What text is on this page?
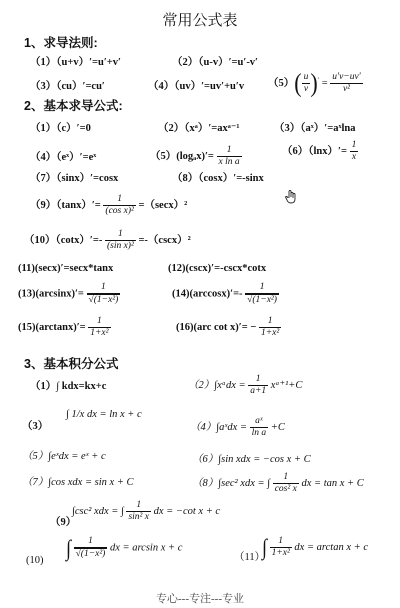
常用公式表
1、求导法则:
（1）（u+v）′=u′+v′	（2）（u-v）′=u′-v′
（3）（cu）′=cu′	（4）（uv）′=uv′+u′v $(5)( \frac{u}{v} )' = \frac{u'v-uv'}{\text{v²}}$
2、基本求导公式:
（1）（c）′=0	（2）（xᵃ）′=axᵃ⁻¹	（3）（aˣ）′=aˣlna
（4）（eˣ）′=eˣ	$(5)(\log_ax)'= \frac{1}{\text{x ln a}}$	$(6)(\ln x)'= \frac{1}{x}$
（7）（sinx）′=cosx	（8）（cosx）′=-sinx
$(9)(\tan x)'= \frac{1}{\text{(cos x)²}} =(\sec x)^2$
$(10)(\cot x)'=- \frac{1}{\text{(sin x)²}} =-(\csc x)^2$
(11)(secx)′=secx*tanx	(12)(cscx)′=-cscx*cotx
$(13)(\arcsin x)'= \frac{1}{\text{√(1−x²)}}$	$(14)(\arccos x)'=- \frac{1}{\text{√(1−x²)}}$
$(15)(\arctan x)'= \frac{1}{\text{1+x²}}$	(16)(arc $\cot x)'= - \frac{1}{\text{1+x²}}$
3、基本积分公式
（1）∫ kdx=kx+c	（2）∫xᵃdx = $\frac{1}{a+1}$ xᵃ⁺¹+C
（3）
∫ 1/x dx = ln x + c
（4）∫aˣdx = $\frac{\text{aˣ}}{\text{ln a}} +C$
（5）∫eˣdx = eˣ + c	（6）∫sin xdx = −cos x + C
（7）∫cos xdx = sin x + C	（8）∫sec² xdx = ∫ $\frac{1}{\text{cos² x}}$ dx = tan x + C
（9）
∫csc² xdx = ∫ $\frac{1}{\text{sin² x}}$ dx = −cot x + c
(10)
∫ $\frac{1}{\text{√(1−x²)}}$ dx = arcsin x + c
（11）
∫ $\frac{1}{\text{1+x²}}$ dx = arctan x + c
专心---专注---专业
